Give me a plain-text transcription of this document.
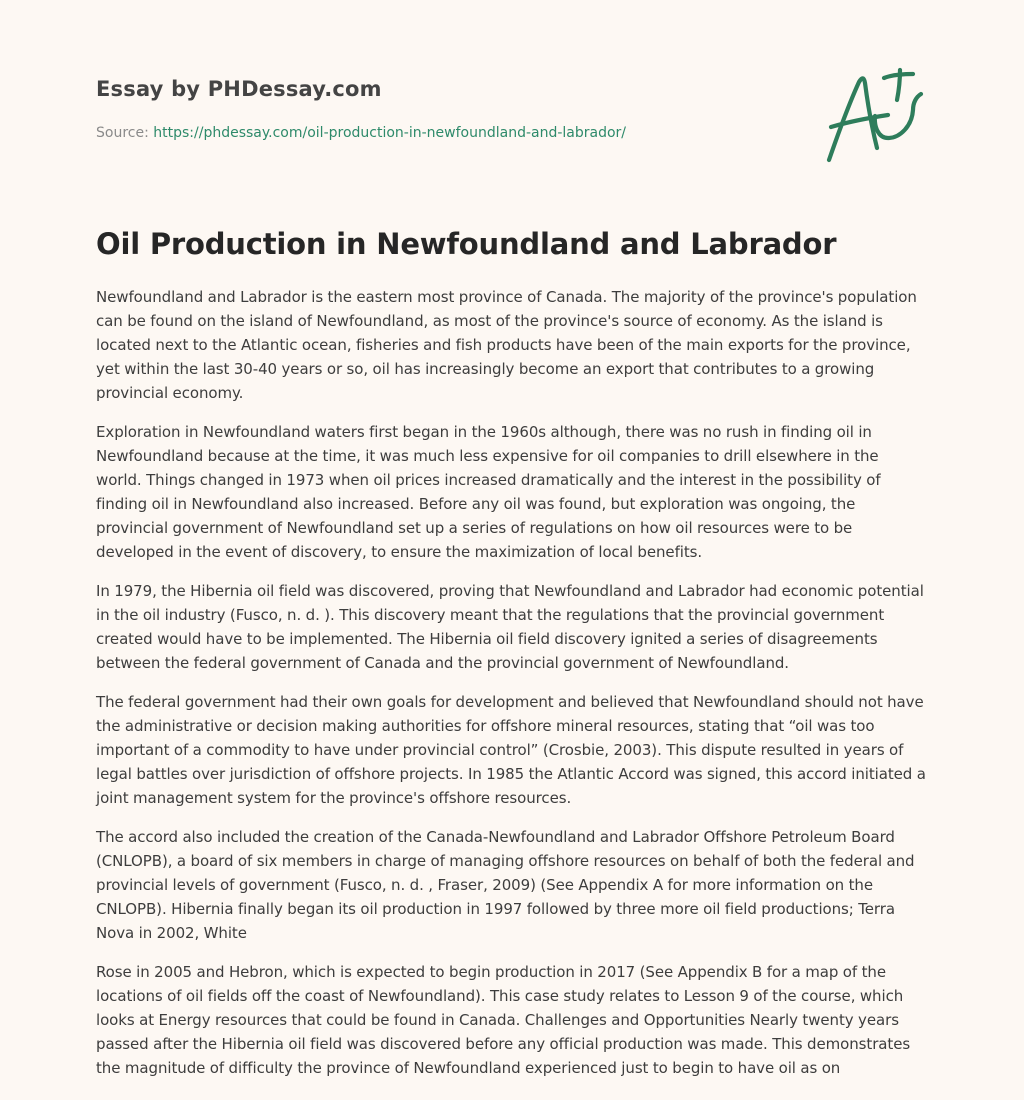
Essay by PHDessay.com
Source: https://phdessay.com/oil-production-in-newfoundland-and-labrador/
Oil Production in Newfoundland and Labrador

Newfoundland and Labrador is the eastern most province of Canada. The majority of the province's population can be found on the island of Newfoundland, as most of the province's source of economy. As the island is located next to the Atlantic ocean, fisheries and fish products have been of the main exports for the province, yet within the last 30-40 years or so, oil has increasingly become an export that contributes to a growing provincial economy.

Exploration in Newfoundland waters first began in the 1960s although, there was no rush in finding oil in Newfoundland because at the time, it was much less expensive for oil companies to drill elsewhere in the world. Things changed in 1973 when oil prices increased dramatically and the interest in the possibility of finding oil in Newfoundland also increased. Before any oil was found, but exploration was ongoing, the provincial government of Newfoundland set up a series of regulations on how oil resources were to be developed in the event of discovery, to ensure the maximization of local benefits.

In 1979, the Hibernia oil field was discovered, proving that Newfoundland and Labrador had economic potential in the oil industry (Fusco, n. d. ). This discovery meant that the regulations that the provincial government created would have to be implemented. The Hibernia oil field discovery ignited a series of disagreements between the federal government of Canada and the provincial government of Newfoundland.

The federal government had their own goals for development and believed that Newfoundland should not have the administrative or decision making authorities for offshore mineral resources, stating that “oil was too important of a commodity to have under provincial control” (Crosbie, 2003). This dispute resulted in years of legal battles over jurisdiction of offshore projects. In 1985 the Atlantic Accord was signed, this accord initiated a joint management system for the province's offshore resources.

The accord also included the creation of the Canada-Newfoundland and Labrador Offshore Petroleum Board (CNLOPB), a board of six members in charge of managing offshore resources on behalf of both the federal and provincial levels of government (Fusco, n. d. , Fraser, 2009) (See Appendix A for more information on the CNLOPB). Hibernia finally began its oil production in 1997 followed by three more oil field productions; Terra Nova in 2002, White

Rose in 2005 and Hebron, which is expected to begin production in 2017 (See Appendix B for a map of the locations of oil fields off the coast of Newfoundland). This case study relates to Lesson 9 of the course, which looks at Energy resources that could be found in Canada. Challenges and Opportunities Nearly twenty years passed after the Hibernia oil field was discovered before any official production was made. This demonstrates the magnitude of difficulty the province of Newfoundland experienced just to begin to have oil as on
